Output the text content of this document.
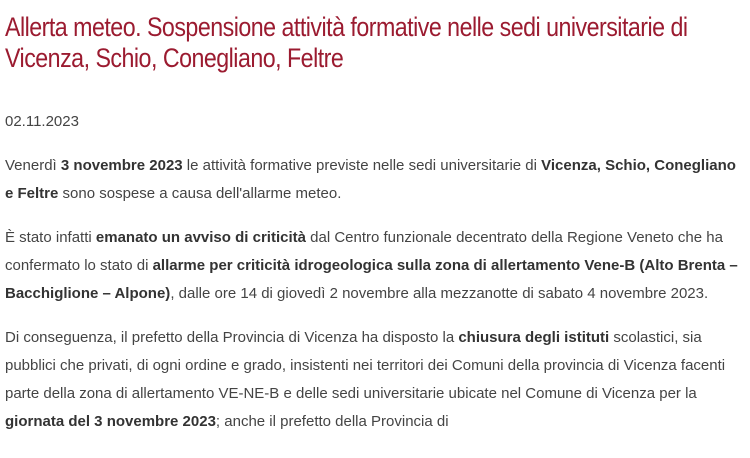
Allerta meteo. Sospensione attività formative nelle sedi universitarie di Vicenza, Schio, Conegliano, Feltre
02.11.2023

Venerdì 3 novembre 2023 le attività formative previste nelle sedi universitarie di Vicenza, Schio, Conegliano e Feltre sono sospese a causa dell'allarme meteo.

È stato infatti emanato un avviso di criticità dal Centro funzionale decentrato della Regione Veneto che ha confermato lo stato di allarme per criticità idrogeologica sulla zona di allertamento Vene-B (Alto Brenta – Bacchiglione – Alpone), dalle ore 14 di giovedì 2 novembre alla mezzanotte di sabato 4 novembre 2023.

Di conseguenza, il prefetto della Provincia di Vicenza ha disposto la chiusura degli istituti scolastici, sia pubblici che privati, di ogni ordine e grado, insistenti nei territori dei Comuni della provincia di Vicenza facenti parte della zona di allertamento VE-NE-B e delle sedi universitarie ubicate nel Comune di Vicenza per la giornata del 3 novembre 2023; anche il prefetto della Provincia di
